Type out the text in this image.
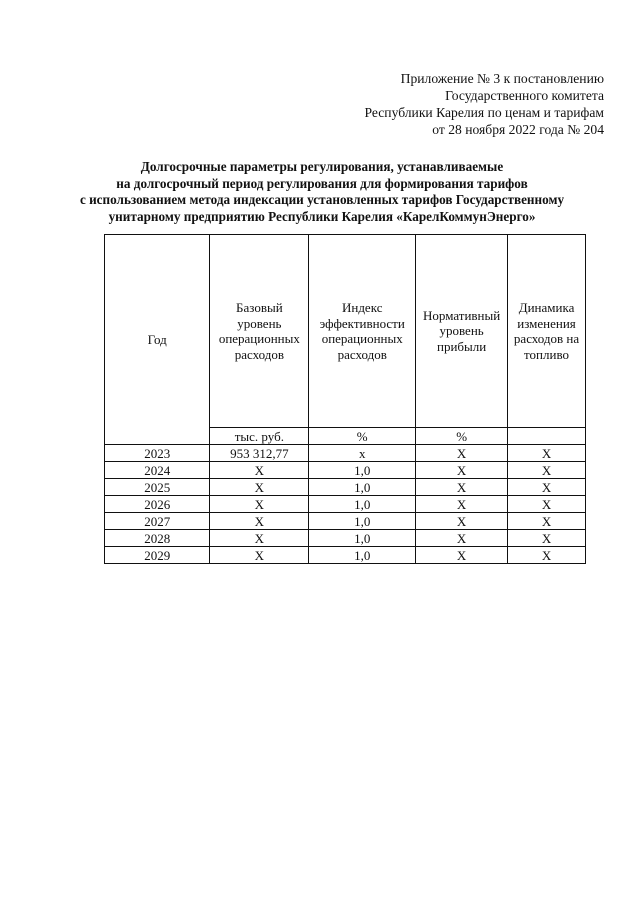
Приложение № 3 к постановлению
Государственного комитета
Республики Карелия по ценам и тарифам
от 28 ноября 2022 года № 204
Долгосрочные параметры регулирования, устанавливаемые
на долгосрочный период регулирования для формирования тарифов
с использованием метода индексации установленных тарифов Государственному
унитарному предприятию Республики Карелия «КарелКоммунЭнерго»
Год	Базовый уровень операционных расходов	Индекс эффективности операционных расходов	Нормативный уровень прибыли	Динамика изменения расходов на топливо
	тыс. руб.	%	%	
2023	953 312,77	x	X	X
2024	X	1,0	X	X
2025	X	1,0	X	X
2026	X	1,0	X	X
2027	X	1,0	X	X
2028	X	1,0	X	X
2029	X	1,0	X	X
